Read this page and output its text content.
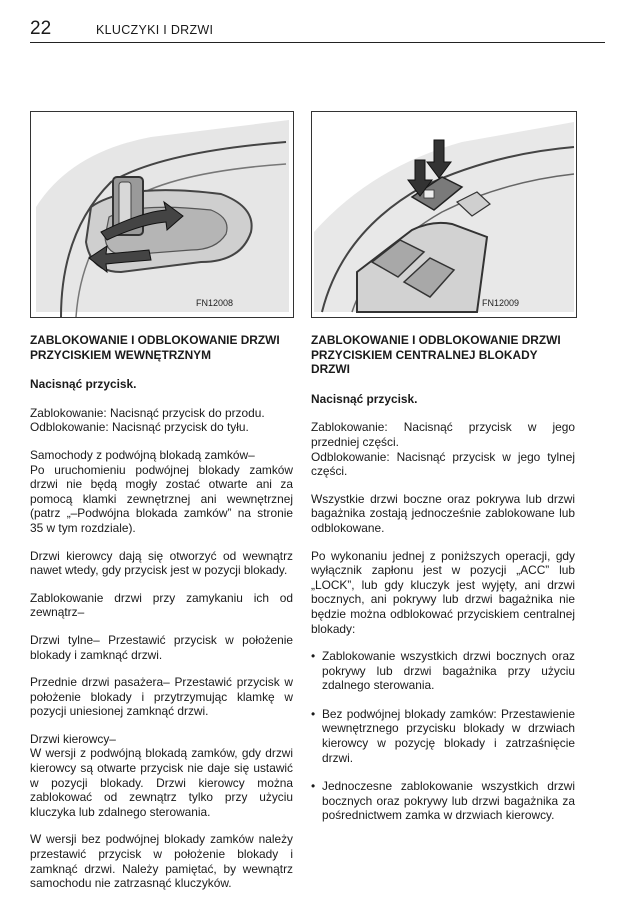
22	KLUCZYKI I DRZWI
FN12008	FN12009

ZABLOKOWANIE I ODBLOKOWANIE DRZWI PRZYCISKIEM WEWNĘTRZNYM

Nacisnąć przycisk.

Zablokowanie: Nacisnąć przycisk do przodu.
Odblokowanie: Nacisnąć przycisk do tyłu.

Samochody z podwójną blokadą zamków–
Po uruchomieniu podwójnej blokady zamków drzwi nie będą mogły zostać otwarte ani za pomocą klamki zewnętrznej ani wewnętrznej (patrz „–Podwójna blokada zamków” na stronie 35 w tym rozdziale).

Drzwi kierowcy dają się otworzyć od wewnątrz nawet wtedy, gdy przycisk jest w pozycji blokady.

Zablokowanie drzwi przy zamykaniu ich od zewnątrz–

Drzwi tylne– Przestawić przycisk w położenie blokady i zamknąć drzwi.

Przednie drzwi pasażera– Przestawić przycisk w położenie blokady i przytrzymując klamkę w pozycji uniesionej zamknąć drzwi.

Drzwi kierowcy–
W wersji z podwójną blokadą zamków, gdy drzwi kierowcy są otwarte przycisk nie daje się ustawić w pozycji blokady. Drzwi kierowcy można zablokować od zewnątrz tylko przy użyciu kluczyka lub zdalnego sterowania.

W wersji bez podwójnej blokady zamków należy przestawić przycisk w położenie blokady i zamknąć drzwi. Należy pamiętać, by wewnątrz samochodu nie zatrzasnąć kluczyków.

ZABLOKOWANIE I ODBLOKOWANIE DRZWI PRZYCISKIEM CENTRALNEJ BLOKADY DRZWI

Nacisnąć przycisk.

Zablokowanie: Nacisnąć przycisk w jego przedniej części.
Odblokowanie: Nacisnąć przycisk w jego tylnej części.

Wszystkie drzwi boczne oraz pokrywa lub drzwi bagażnika zostają jednocześnie zablokowane lub odblokowane.

Po wykonaniu jednej z poniższych operacji, gdy wyłącznik zapłonu jest w pozycji „ACC” lub „LOCK”, lub gdy kluczyk jest wyjęty, ani drzwi bocznych, ani pokrywy lub drzwi bagażnika nie będzie można odblokować przyciskiem centralnej blokady:

• Zablokowanie wszystkich drzwi bocznych oraz pokrywy lub drzwi bagażnika przy użyciu zdalnego sterowania.
• Bez podwójnej blokady zamków: Przestawienie wewnętrznego przycisku blokady w drzwiach kierowcy w pozycję blokady i zatrzaśnięcie drzwi.
• Jednoczesne zablokowanie wszystkich drzwi bocznych oraz pokrywy lub drzwi bagażnika za pośrednictwem zamka w drzwiach kierowcy.
